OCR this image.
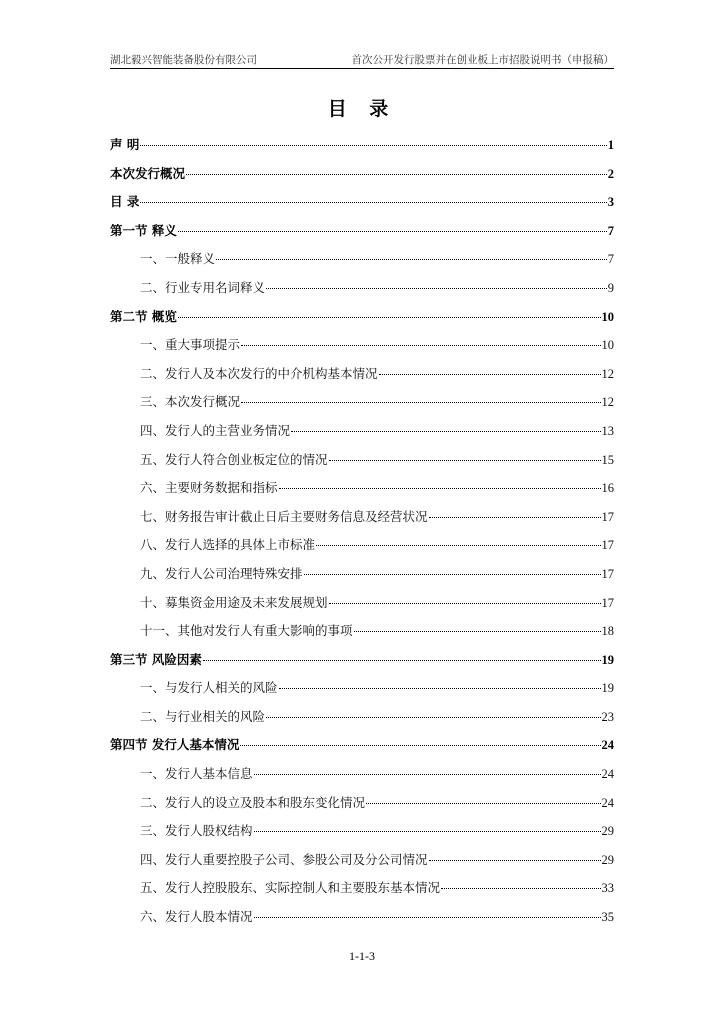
湖北毅兴智能装备股份有限公司	首次公开发行股票并在创业板上市招股说明书（申报稿）
目 录
声 明	1
本次发行概况	2
目 录	3
第一节 释义	7
一、一般释义	7
二、行业专用名词释义	9
第二节 概览	10
一、重大事项提示	10
二、发行人及本次发行的中介机构基本情况	12
三、本次发行概况	12
四、发行人的主营业务情况	13
五、发行人符合创业板定位的情况	15
六、主要财务数据和指标	16
七、财务报告审计截止日后主要财务信息及经营状况	17
八、发行人选择的具体上市标准	17
九、发行人公司治理特殊安排	17
十、募集资金用途及未来发展规划	17
十一、其他对发行人有重大影响的事项	18
第三节 风险因素	19
一、与发行人相关的风险	19
二、与行业相关的风险	23
第四节 发行人基本情况	24
一、发行人基本信息	24
二、发行人的设立及股本和股东变化情况	24
三、发行人股权结构	29
四、发行人重要控股子公司、参股公司及分公司情况	29
五、发行人控股股东、实际控制人和主要股东基本情况	33
六、发行人股本情况	35
1-1-3
